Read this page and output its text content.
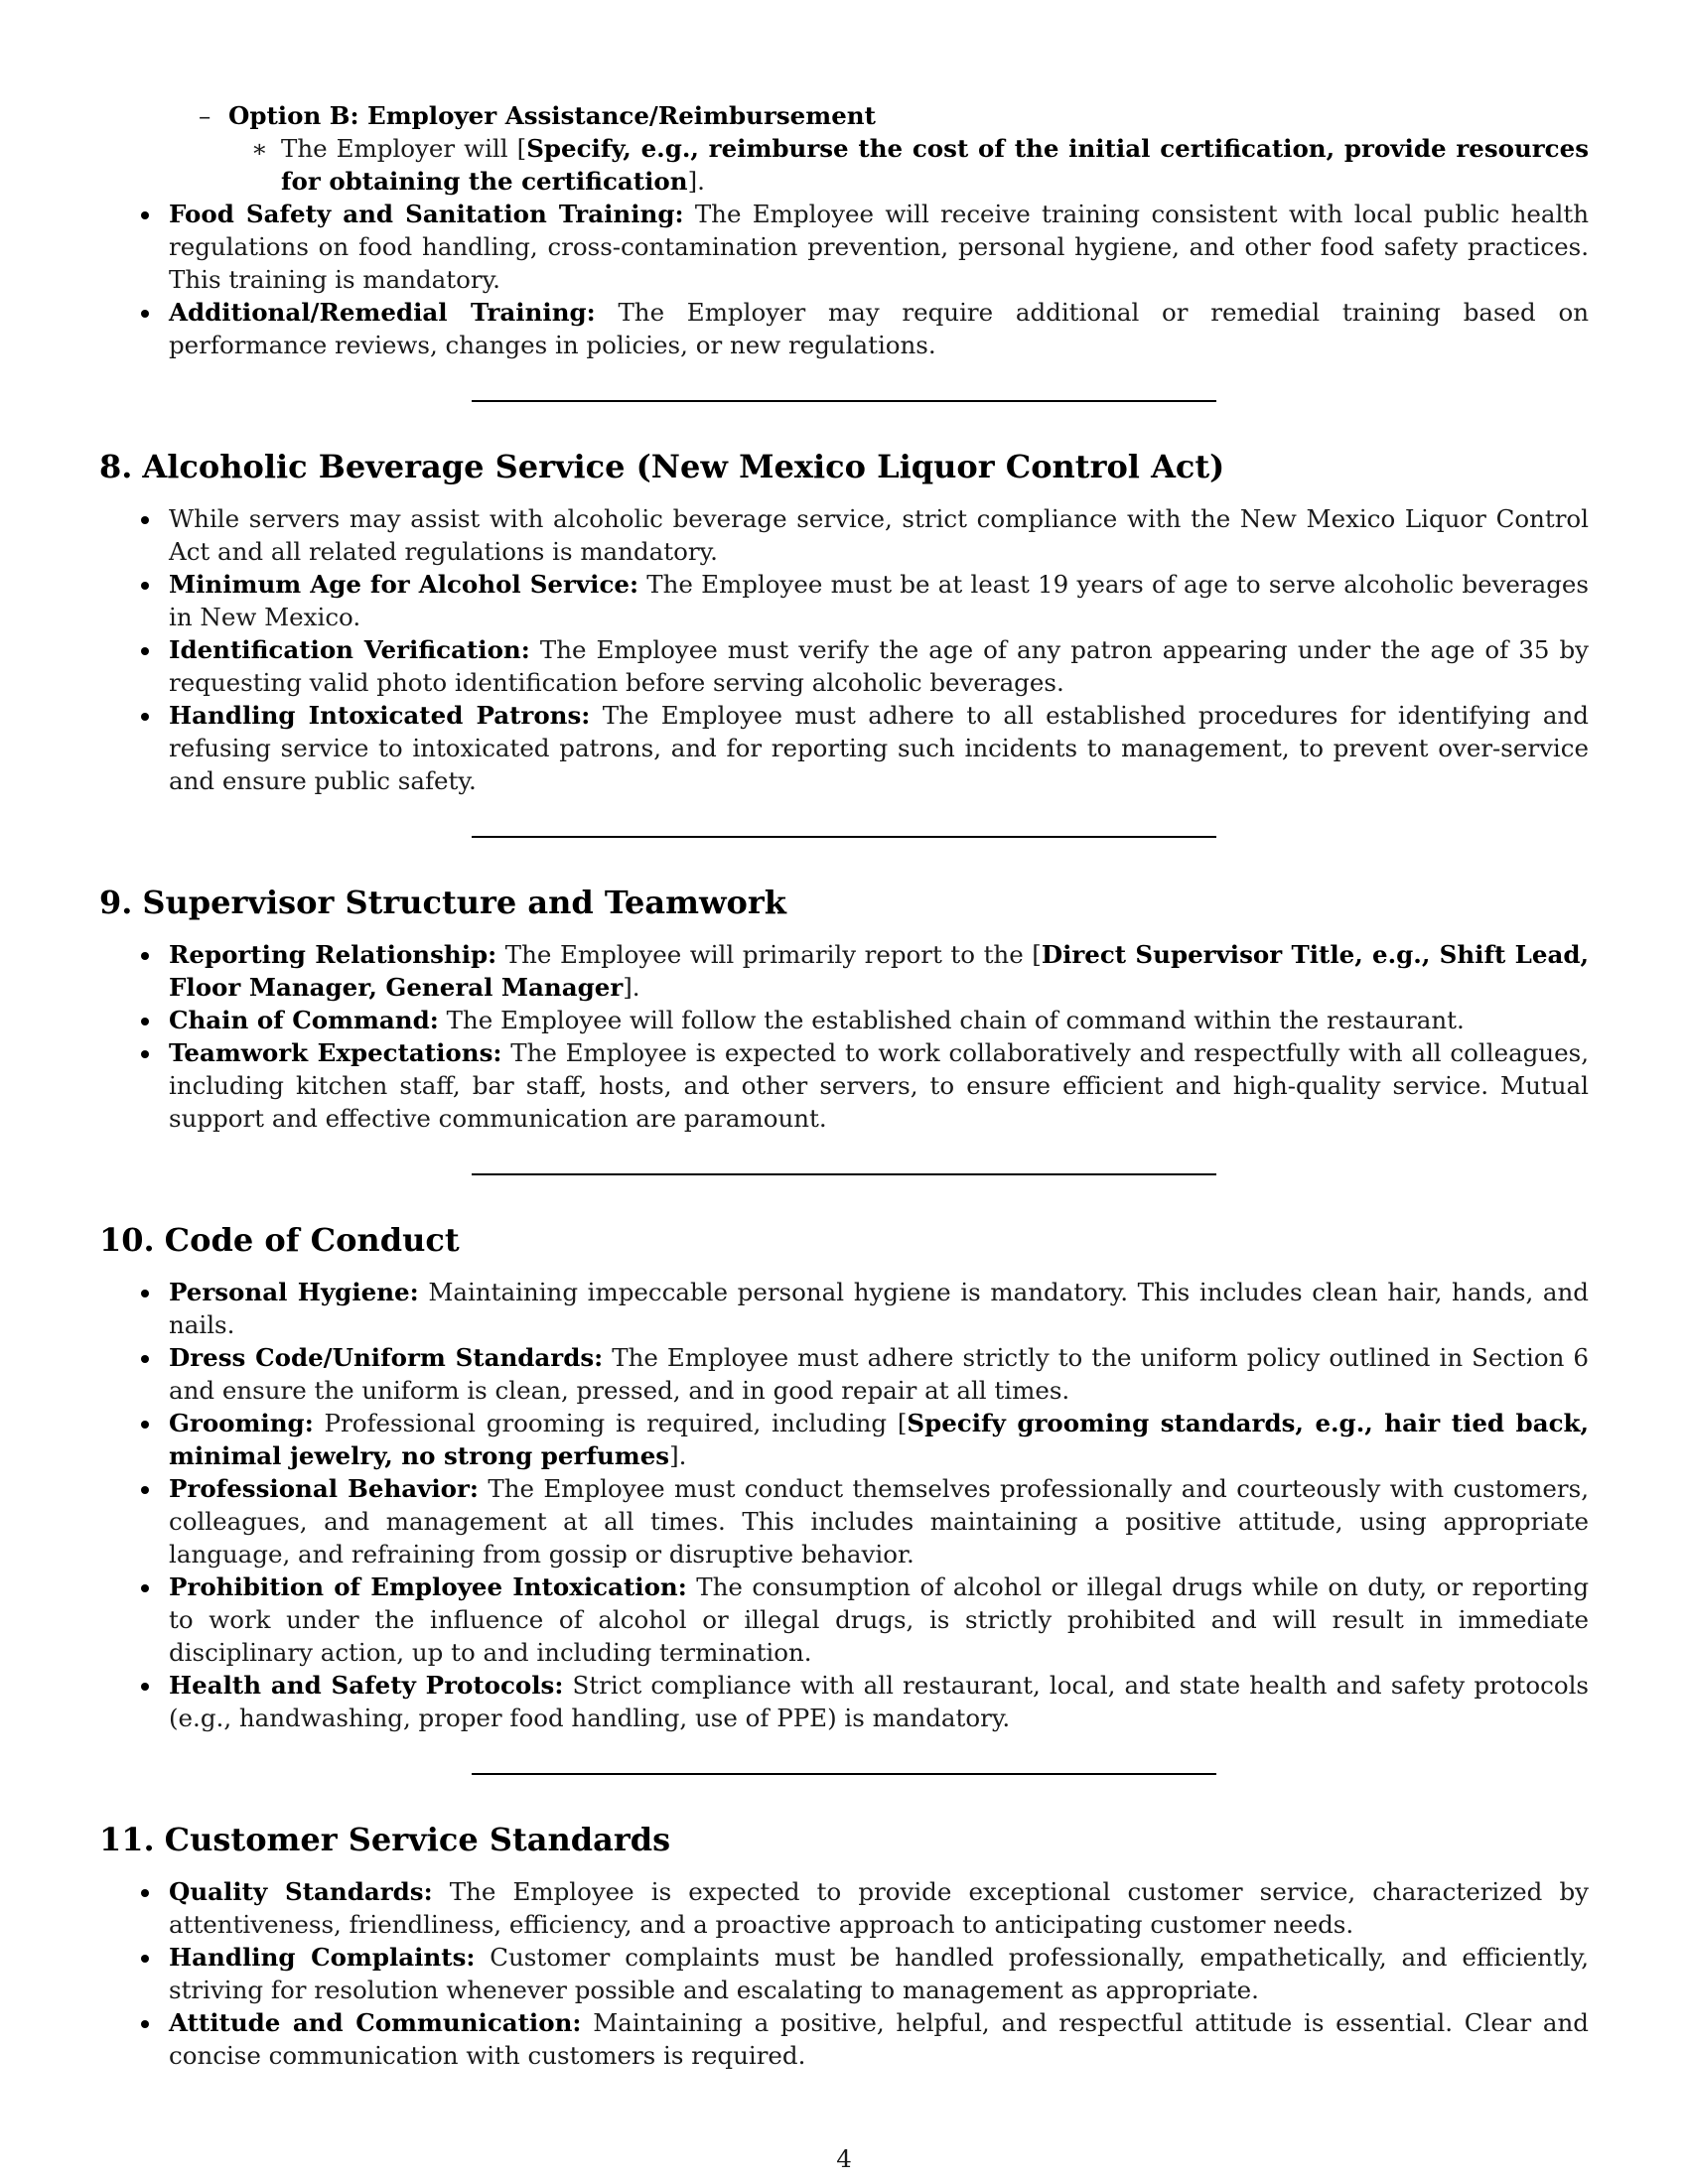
– Option B: Employer Assistance/Reimbursement
∗ The Employer will [Specify, e.g., reimburse the cost of the initial certification, provide resources for obtaining the certification].
Food Safety and Sanitation Training: The Employee will receive training consistent with local public health regulations on food handling, cross-contamination prevention, personal hygiene, and other food safety practices. This training is mandatory.
Additional/Remedial Training: The Employer may require additional or remedial training based on performance reviews, changes in policies, or new regulations.
8. Alcoholic Beverage Service (New Mexico Liquor Control Act)
While servers may assist with alcoholic beverage service, strict compliance with the New Mexico Liquor Control Act and all related regulations is mandatory.
Minimum Age for Alcohol Service: The Employee must be at least 19 years of age to serve alcoholic beverages in New Mexico.
Identification Verification: The Employee must verify the age of any patron appearing under the age of 35 by requesting valid photo identification before serving alcoholic beverages.
Handling Intoxicated Patrons: The Employee must adhere to all established procedures for identifying and refusing service to intoxicated patrons, and for reporting such incidents to management, to prevent over-service and ensure public safety.
9. Supervisor Structure and Teamwork
Reporting Relationship: The Employee will primarily report to the [Direct Supervisor Title, e.g., Shift Lead, Floor Manager, General Manager].
Chain of Command: The Employee will follow the established chain of command within the restaurant.
Teamwork Expectations: The Employee is expected to work collaboratively and respectfully with all colleagues, including kitchen staff, bar staff, hosts, and other servers, to ensure efficient and high-quality service. Mutual support and effective communication are paramount.
10. Code of Conduct
Personal Hygiene: Maintaining impeccable personal hygiene is mandatory. This includes clean hair, hands, and nails.
Dress Code/Uniform Standards: The Employee must adhere strictly to the uniform policy outlined in Section 6 and ensure the uniform is clean, pressed, and in good repair at all times.
Grooming: Professional grooming is required, including [Specify grooming standards, e.g., hair tied back, minimal jewelry, no strong perfumes].
Professional Behavior: The Employee must conduct themselves professionally and courteously with customers, colleagues, and management at all times. This includes maintaining a positive attitude, using appropriate language, and refraining from gossip or disruptive behavior.
Prohibition of Employee Intoxication: The consumption of alcohol or illegal drugs while on duty, or reporting to work under the influence of alcohol or illegal drugs, is strictly prohibited and will result in immediate disciplinary action, up to and including termination.
Health and Safety Protocols: Strict compliance with all restaurant, local, and state health and safety protocols (e.g., handwashing, proper food handling, use of PPE) is mandatory.
11. Customer Service Standards
Quality Standards: The Employee is expected to provide exceptional customer service, characterized by attentiveness, friendliness, efficiency, and a proactive approach to anticipating customer needs.
Handling Complaints: Customer complaints must be handled professionally, empathetically, and efficiently, striving for resolution whenever possible and escalating to management as appropriate.
Attitude and Communication: Maintaining a positive, helpful, and respectful attitude is essential. Clear and concise communication with customers is required.
4
